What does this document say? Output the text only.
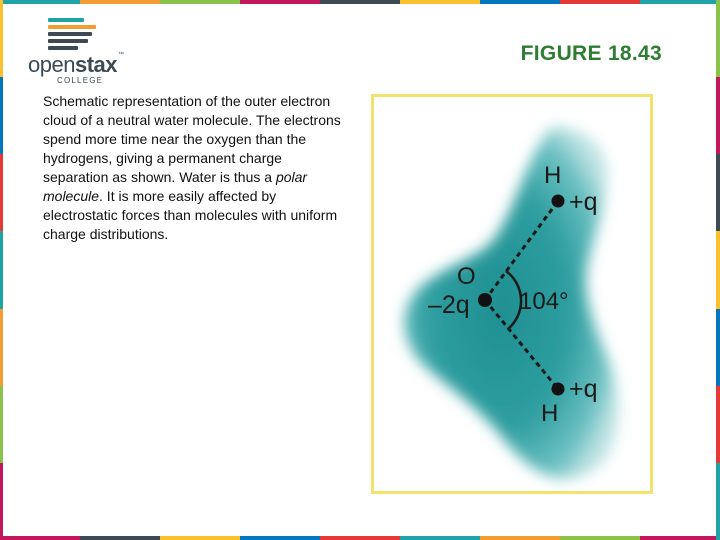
openstax™
COLLEGE
FIGURE 18.43
Schematic representation of the outer electron cloud of a neutral water molecule. The electrons spend more time near the oxygen than the hydrogens, giving a permanent charge separation as shown. Water is thus a polar molecule. It is more easily affected by electrostatic forces than molecules with uniform charge distributions.
H
+q
O
–2q 104°
+q
H
